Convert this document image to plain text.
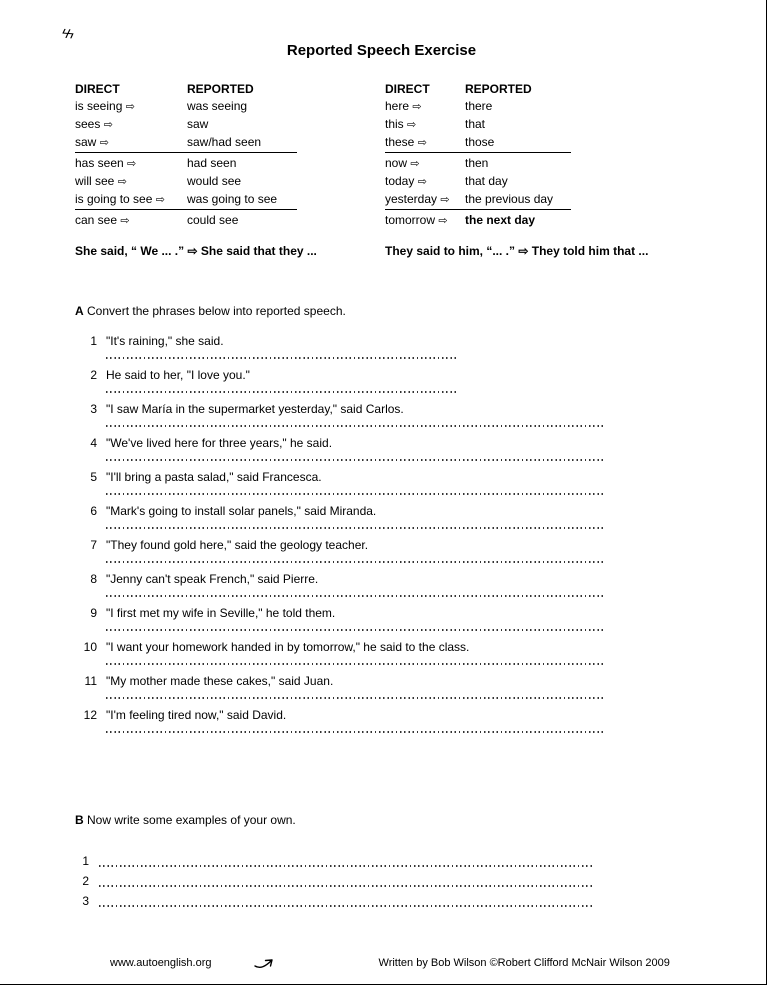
ϟϟ
Reported Speech Exercise
DIRECT	REPORTED
is seeing ⇨	was seeing
sees ⇨	saw
saw ⇨	saw/had seen
has seen ⇨	had seen
will see ⇨	would see
is going to see ⇨	was going to see
can see ⇨	could see
DIRECT	REPORTED
here ⇨	there
this ⇨	that
these ⇨	those
now ⇨	then
today ⇨	that day
yesterday ⇨	the previous day
tomorrow ⇨	the next day
She said, “ We ... .” ⇨ She said that they ...	They said to him, “... .” ⇨ They told him that ...
A Convert the phrases below into reported speech.
1 "It's raining," she said.
2 He said to her, "I love you."
3 "I saw María in the supermarket yesterday," said Carlos.
4 "We've lived here for three years," he said.
5 "I'll bring a pasta salad," said Francesca.
6 "Mark's going to install solar panels," said Miranda.
7 "They found gold here," said the geology teacher.
8 "Jenny can't speak French," said Pierre.
9 "I first met my wife in Seville," he told them.
10 "I want your homework handed in by tomorrow," he said to the class.
11 "My mother made these cakes," said Juan.
12 "I'm feeling tired now," said David.
B Now write some examples of your own.
1
2
3
www.autoenglish.org	Written by Bob Wilson ©Robert Clifford McNair Wilson 2009
